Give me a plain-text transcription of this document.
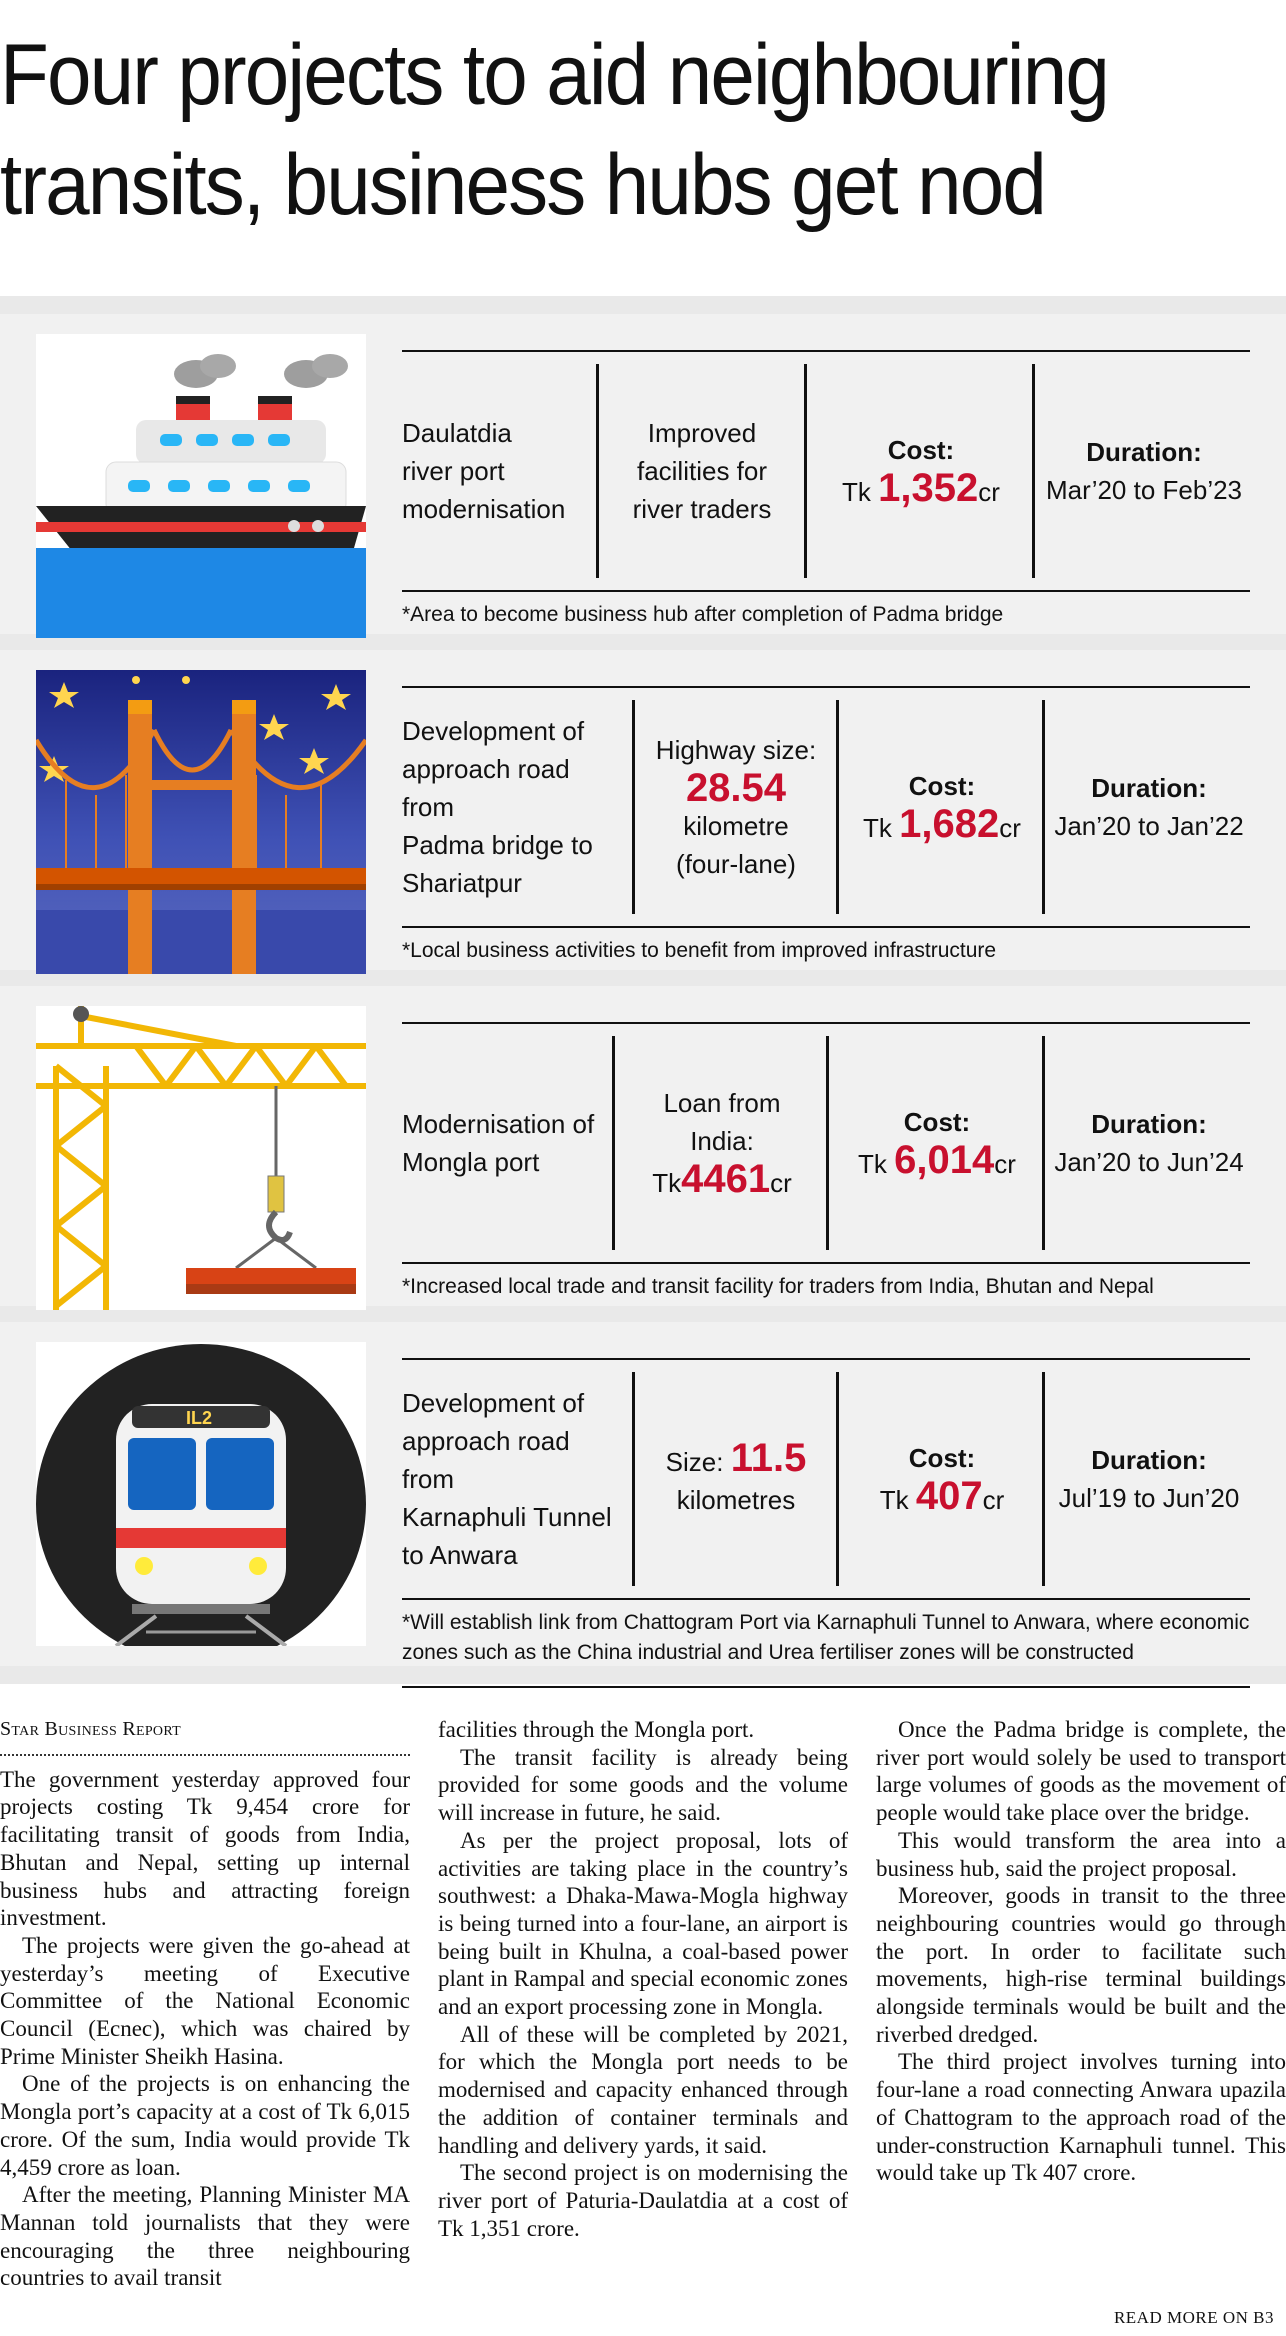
Four projects to aid neighbouring
transits, business hubs get nod
Daulatdia
river port
modernisation
Improved
facilities for
river traders
Cost:
Tk 1,352cr
Duration:
Mar’20 to Feb’23
*Area to become business hub after completion of Padma bridge
Development of
approach road from
Padma bridge to
Shariatpur
Highway size:
28.54
kilometre
(four-lane)
Cost:
Tk 1,682cr
Duration:
Jan’20 to Jan’22
*Local business activities to benefit from improved infrastructure
Modernisation of
Mongla port
Loan from
India:
Tk4461cr
Cost:
Tk 6,014cr
Duration:
Jan’20 to Jun’24
*Increased local trade and transit facility for traders from India, Bhutan and Nepal
IL2	Development of
approach road from
Karnaphuli Tunnel
to Anwara
Size: 11.5
kilometres
Cost:
Tk 407cr
Duration:
Jul’19 to Jun’20
*Will establish link from Chattogram Port via Karnaphuli Tunnel to Anwara, where economic zones such as the China industrial and Urea fertiliser zones will be constructed
Star Business Report

The government yesterday approved four projects costing Tk 9,454 crore for facilitating transit of goods from India, Bhutan and Nepal, setting up internal business hubs and attracting foreign investment.

The projects were given the go-ahead at yesterday’s meeting of Executive Committee of the National Economic Council (Ecnec), which was chaired by Prime Minister Sheikh Hasina.

One of the projects is on enhancing the Mongla port’s capacity at a cost of Tk 6,015 crore. Of the sum, India would provide Tk 4,459 crore as loan.

After the meeting, Planning Minister MA Mannan told journalists that they were encouraging the three neighbouring countries to avail transit

facilities through the Mongla port.

The transit facility is already being provided for some goods and the volume will increase in future, he said.

As per the project proposal, lots of activities are taking place in the country’s southwest: a Dhaka-Mawa-Mogla highway is being turned into a four-lane, an airport is being built in Khulna, a coal-based power plant in Rampal and special economic zones and an export processing zone in Mongla.

All of these will be completed by 2021, for which the Mongla port needs to be modernised and capacity enhanced through the addition of container terminals and handling and delivery yards, it said.

The second project is on modernising the river port of Paturia-Daulatdia at a cost of Tk 1,351 crore.

Once the Padma bridge is complete, the river port would solely be used to transport large volumes of goods as the movement of people would take place over the bridge.

This would transform the area into a business hub, said the project proposal.

Moreover, goods in transit to the three neighbouring countries would go through the port. In order to facilitate such movements, high-rise terminal buildings alongside terminals would be built and the riverbed dredged.

The third project involves turning into four-lane a road connecting Anwara upazila of Chattogram to the approach road of the under-construction Karnaphuli tunnel. This would take up Tk 407 crore.

READ MORE ON B3
